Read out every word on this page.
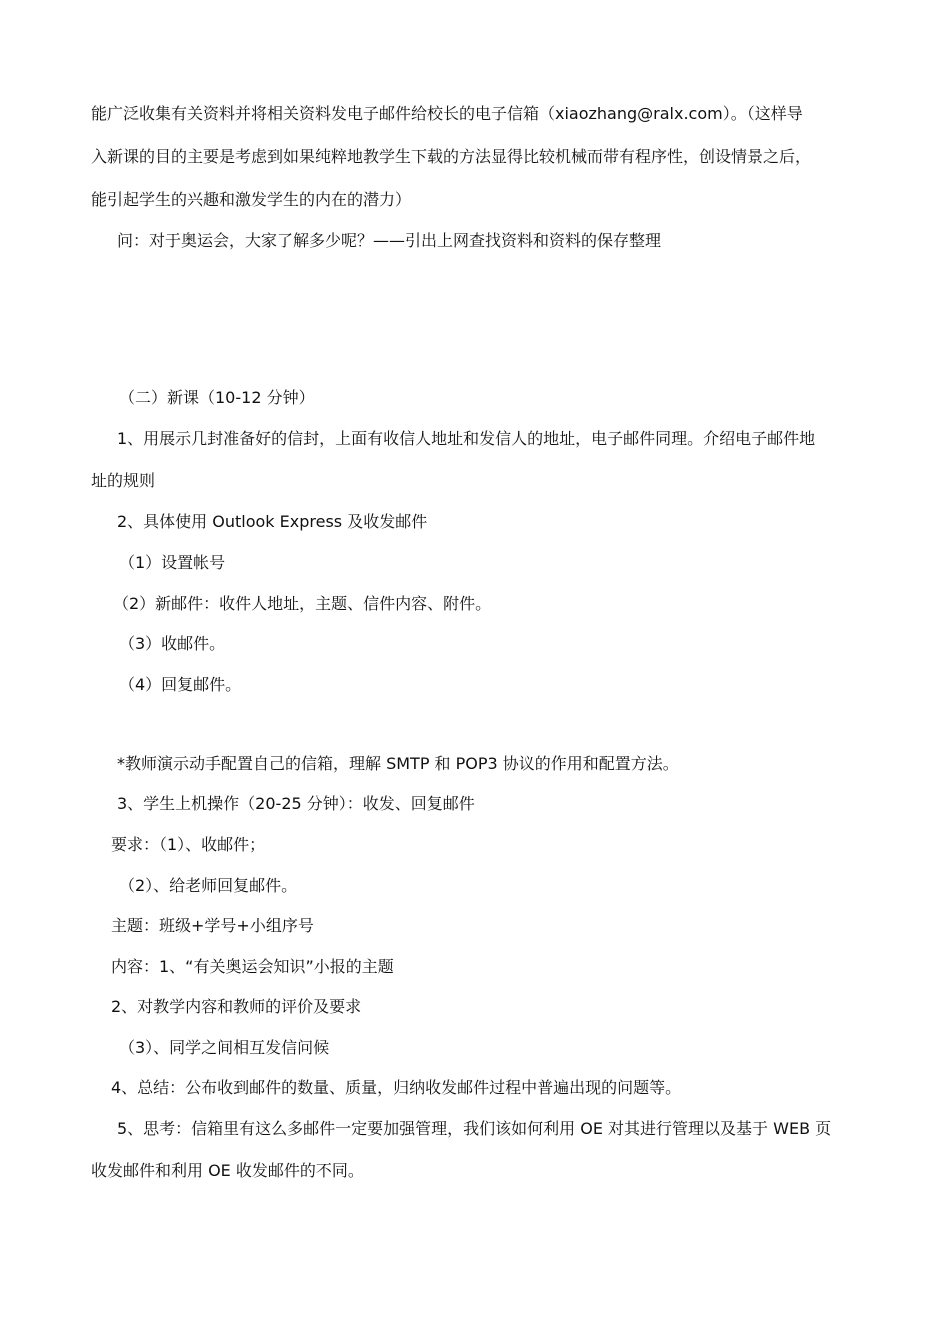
能广泛收集有关资料并将相关资料发电子邮件给校长的电子信箱（xiaozhang@ralx.com）。（这样导
入新课的目的主要是考虑到如果纯粹地教学生下载的方法显得比较机械而带有程序性，创设情景之后，
能引起学生的兴趣和激发学生的内在的潜力）
问：对于奥运会，大家了解多少呢？——引出上网查找资料和资料的保存整理
（二）新课（10-12 分钟）
1、用展示几封准备好的信封，上面有收信人地址和发信人的地址，电子邮件同理。介绍电子邮件地
址的规则
2、具体使用 Outlook Express 及收发邮件
（1）设置帐号
（2）新邮件：收件人地址，主题、信件内容、附件。
（3）收邮件。
（4）回复邮件。
*教师演示动手配置自己的信箱，理解 SMTP 和 POP3 协议的作用和配置方法。
3、学生上机操作（20-25 分钟）：收发、回复邮件
要求：（1）、收邮件；
（2）、给老师回复邮件。
主题：班级+学号+小组序号
内容：1、“有关奥运会知识”小报的主题
2、对教学内容和教师的评价及要求
（3）、同学之间相互发信问候
4、总结：公布收到邮件的数量、质量，归纳收发邮件过程中普遍出现的问题等。
5、思考：信箱里有这么多邮件一定要加强管理，我们该如何利用 OE 对其进行管理以及基于 WEB 页
收发邮件和利用 OE 收发邮件的不同。
